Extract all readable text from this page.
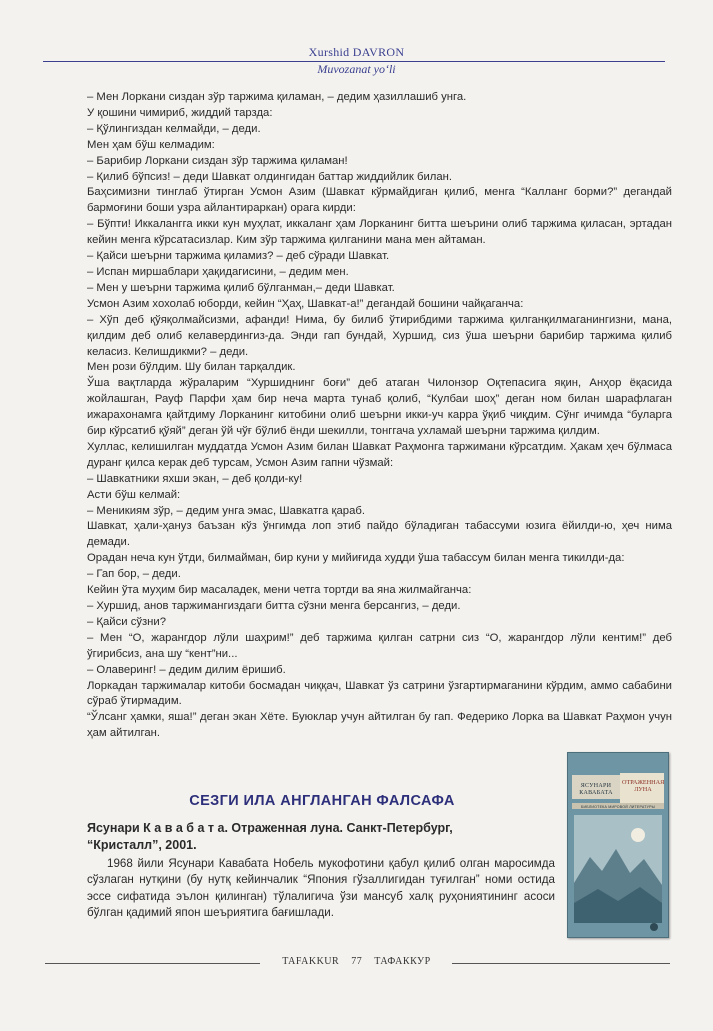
Xurshid DAVRON
Muvozanat yo‘li

– Мен Лоркани сиздан зўр таржима қиламан, – дедим ҳазиллашиб унга.

У қошини чимириб, жиддий тарзда:

– Қўлингиздан келмайди, – деди.

Мен ҳам бўш келмадим:

– Барибир Лоркани сиздан зўр таржима қиламан!

– Қилиб бўпсиз! – деди Шавкат олдингидан баттар жиддийлик билан.

Баҳсимизни тинглаб ўтирган Усмон Азим (Шавкат кўрмайдиган қилиб, менга “Калланг борми?” дегандай бармоғини боши узра айлантираркан) орага кирди:

– Бўпти! Иккалангга икки кун муҳлат, иккаланг ҳам Лорканинг битта шеърини олиб таржима қиласан, эртадан кейин менга кўрсатасизлар. Ким зўр таржима қилганини мана мен айтаман.

– Қайси шеърни таржима қиламиз? – деб сўради Шавкат.

– Испан миршаблари ҳақидагисини, – дедим мен.

– Мен у шеърни таржима қилиб бўлганман,– деди Шавкат.

Усмон Азим хохолаб юборди, кейин “Ҳаҳ, Шавкат-а!” дегандай бошини чайқаганча:

– Хўп деб қўяқолмайсизми, афанди! Нима, бу билиб ўтирибдими таржима қилганқилмаганингизни, мана, қилдим деб олиб келавердингиз-да. Энди гап бундай, Хуршид, сиз ўша шеърни барибир таржима қилиб келасиз. Келишдикми? – деди.

Мен рози бўлдим. Шу билан тарқалдик.

Ўша вақтларда жўраларим “Хуршиднинг боғи” деб атаган Чилонзор Оқтепасига яқин, Анҳор ёқасида жойлашган, Рауф Парфи ҳам бир неча марта тунаб қолиб, “Кулбаи шоҳ” деган ном билан шарафлаган ижарахонамга қайтдиму Лорканинг китобини олиб шеърни икки-уч карра ўқиб чиқдим. Сўнг ичимда “буларга бир кўрсатиб қўяй” деган ўй чўғ бўлиб ёнди шекилли, тонггача ухламай шеърни таржима қилдим.

Хуллас, келишилган муддатда Усмон Азим билан Шавкат Раҳмонга таржимани кўрсатдим. Ҳакам ҳеч бўлмаса дуранг қилса керак деб турсам, Усмон Азим гапни чўзмай:

– Шавкатники яхши экан, – деб қолди-ку!

Асти бўш келмай:

– Меникиям зўр, – дедим унга эмас, Шавкатга қараб.

Шавкат, ҳали-ҳануз баъзан кўз ўнгимда лоп этиб пайдо бўладиган табассуми юзига ёйилди-ю, ҳеч нима демади.

Орадан неча кун ўтди, билмайман, бир куни у мийиғида худди ўша табассум билан менга тикилди-да:

– Гап бор, – деди.

Кейин ўта муҳим бир масаладек, мени четга тортди ва яна жилмайганча:

– Хуршид, анов таржимангиздаги битта сўзни менга берсангиз, – деди.

– Қайси сўзни?

– Мен “О, жарангдор лўли шаҳрим!” деб таржима қилган сатрни сиз “О, жарангдор лўли кентим!” деб ўгирибсиз, ана шу “кент”ни...

– Олаверинг! – дедим дилим ёришиб.

Лоркадан таржималар китоби босмадан чиққач, Шавкат ўз сатрини ўзгартирмаганини кўрдим, аммо сабабини сўраб ўтирмадим.

“Ўлсанг ҳамки, яша!” деган экан Хёте. Буюклар учун айтилган бу гап. Федерико Лорка ва Шавкат Раҳмон учун ҳам айтилган.

СЕЗГИ ИЛА АНГЛАНГАН ФАЛСАФА
Ясунари К а в а б а т а. Отраженная луна. Санкт-Петербург, “Кристалл”, 2001.

1968 йили Ясунари Кавабата Нобель мукофотини қабул қилиб олган маросимда сўзлаган нутқини (бу нутқ кейинчалик “Япония гўзаллигидан туғилган” номи остида эссе сифатида эълон қилинган) тўлалигича ўзи мансуб халқ руҳониятининг асоси бўлган қадимий япон шеъриятига бағишлади.

ЯСУНАРИ КАВАБАТА
ОТРАЖЕННАЯ ЛУНА
БИБЛИОТЕКА МИРОВОЙ ЛИТЕРАТУРЫ
TAFAKKUR 77 ТАФАККУР
